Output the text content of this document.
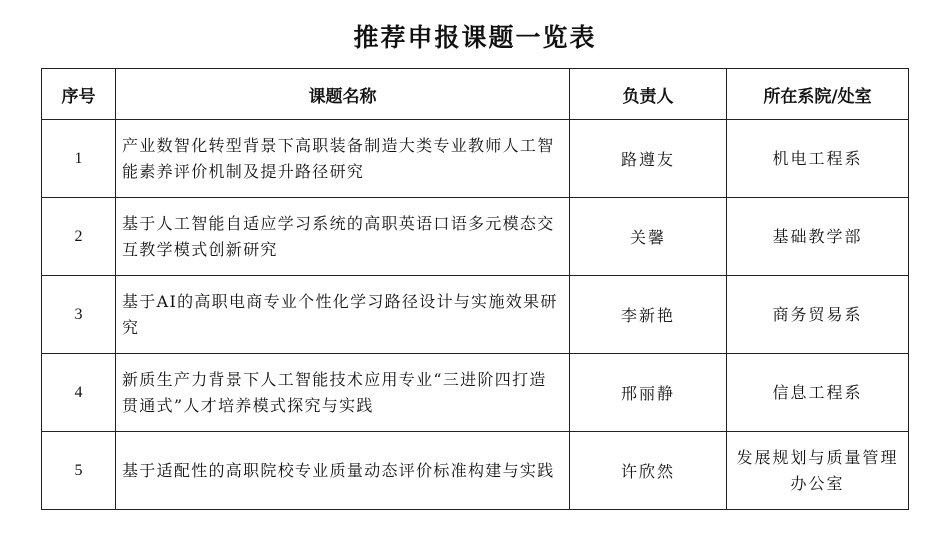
推荐申报课题一览表
序号	课题名称	负责人	所在系院/处室
1	产业数智化转型背景下高职装备制造大类专业教师人工智能素养评价机制及提升路径研究	路遵友	机电工程系
2	基于人工智能自适应学习系统的高职英语口语多元模态交互教学模式创新研究	关馨	基础教学部
3	基于AI的高职电商专业个性化学习路径设计与实施效果研究	李新艳	商务贸易系
4	新质生产力背景下人工智能技术应用专业“三进阶四打造贯通式”人才培养模式探究与实践	邢丽静	信息工程系
5	基于适配性的高职院校专业质量动态评价标准构建与实践	许欣然	发展规划与质量管理办公室
